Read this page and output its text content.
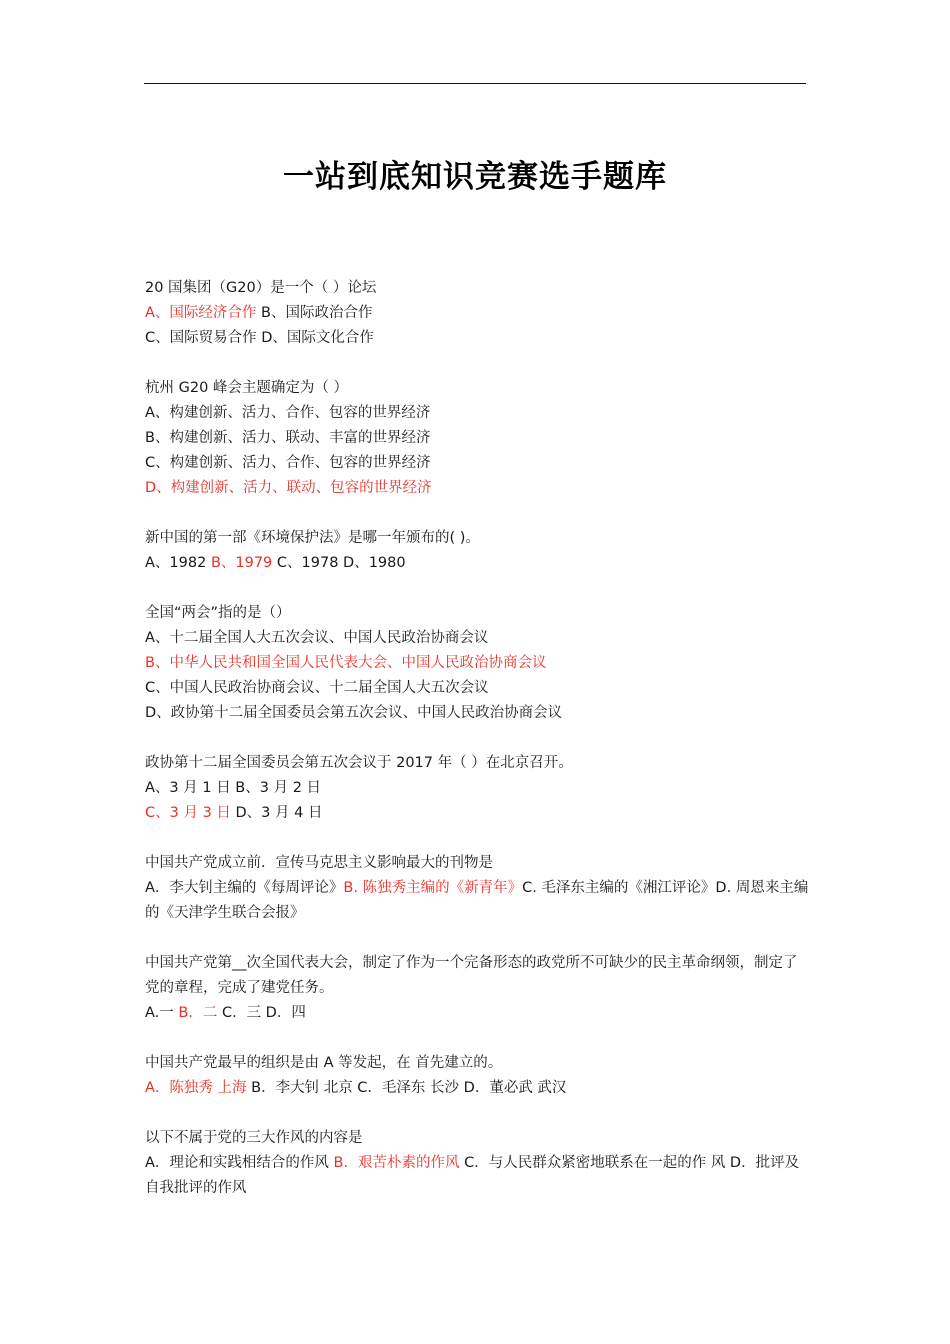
一站到底知识竞赛选手题库
20 国集团（G20）是一个（ ）论坛
A、国际经济合作 B、国际政治合作
C、国际贸易合作 D、国际文化合作
杭州 G20 峰会主题确定为（ ）
A、构建创新、活力、合作、包容的世界经济
B、构建创新、活力、联动、丰富的世界经济
C、构建创新、活力、合作、包容的世界经济
D、构建创新、活力、联动、包容的世界经济
新中国的第一部《环境保护法》是哪一年颁布的( )。
A、1982 B、1979 C、1978 D、1980
全国“两会”指的是（）
A、十二届全国人大五次会议、中国人民政治协商会议
B、中华人民共和国全国人民代表大会、中国人民政治协商会议
C、中国人民政治协商会议、十二届全国人大五次会议
D、政协第十二届全国委员会第五次会议、中国人民政治协商会议
政协第十二届全国委员会第五次会议于 2017 年（ ）在北京召开。
A、3 月 1 日 B、3 月 2 日
C、3 月 3 日 D、3 月 4 日
中国共产党成立前．宣传马克思主义影响最大的刊物是
A．李大钊主编的《每周评论》B. 陈独秀主编的《新青年》C. 毛泽东主编的《湘江评论》D. 周恩来主编的《天津学生联合会报》
中国共产党第__次全国代表大会，制定了作为一个完备形态的政党所不可缺少的民主革命纲领，制定了党的章程，完成了建党任务。
A.一 B．二 C．三 D．四
中国共产党最早的组织是由 A 等发起，在 首先建立的。
A．陈独秀 上海 B．李大钊 北京 C．毛泽东 长沙 D．董必武 武汉
以下不属于党的三大作风的内容是
A．理论和实践相结合的作风 B．艰苦朴素的作风 C．与人民群众紧密地联系在一起的作 风 D．批评及自我批评的作风
